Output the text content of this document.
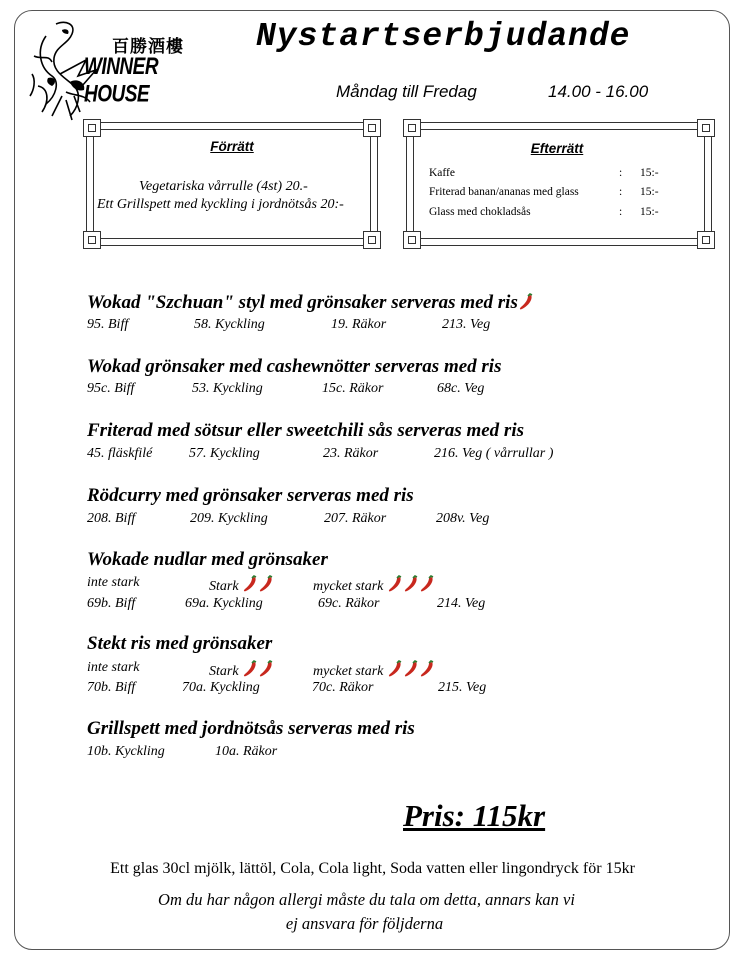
百勝酒樓
WINNER HOUSE
Nystartserbjudande
Måndag till Fredag	14.00 - 16.00
Förrätt
Vegetariska vårrulle (4st) 20.-
Ett Grillspett med kyckling i jordnötsås 20:-
Efterrätt
Kaffe	: 15:-
Friterad banan/ananas med glass	: 15:-
Glass med chokladsås	: 15:-
Wokad "Szchuan" styl med grönsaker serveras med ris
95. Biff	58. Kyckling	19. Räkor	213. Veg
Wokad grönsaker med cashewnötter serveras med ris
95c. Biff	53. Kyckling	15c. Räkor	68c. Veg
Friterad med sötsur eller sweetchili sås serveras med ris
45. fläskfilé	57. Kyckling	23. Räkor	216. Veg ( vårrullar )
Rödcurry med grönsaker serveras med ris
208. Biff	209. Kyckling	207. Räkor	208v. Veg
Wokade nudlar med grönsaker
inte stark	Stark	mycket stark
69b. Biff	69a. Kyckling	69c. Räkor	214. Veg
Stekt ris med grönsaker
inte stark	Stark	mycket stark
70b. Biff	70a. Kyckling	70c. Räkor	215. Veg
Grillspett med jordnötsås serveras med ris
10b. Kyckling	10a. Räkor
Pris: 115kr
Ett glas 30cl mjölk, lättöl, Cola, Cola light, Soda vatten eller lingondryck för 15kr
Om du har någon allergi måste du tala om detta, annars kan vi
ej ansvara för följderna
